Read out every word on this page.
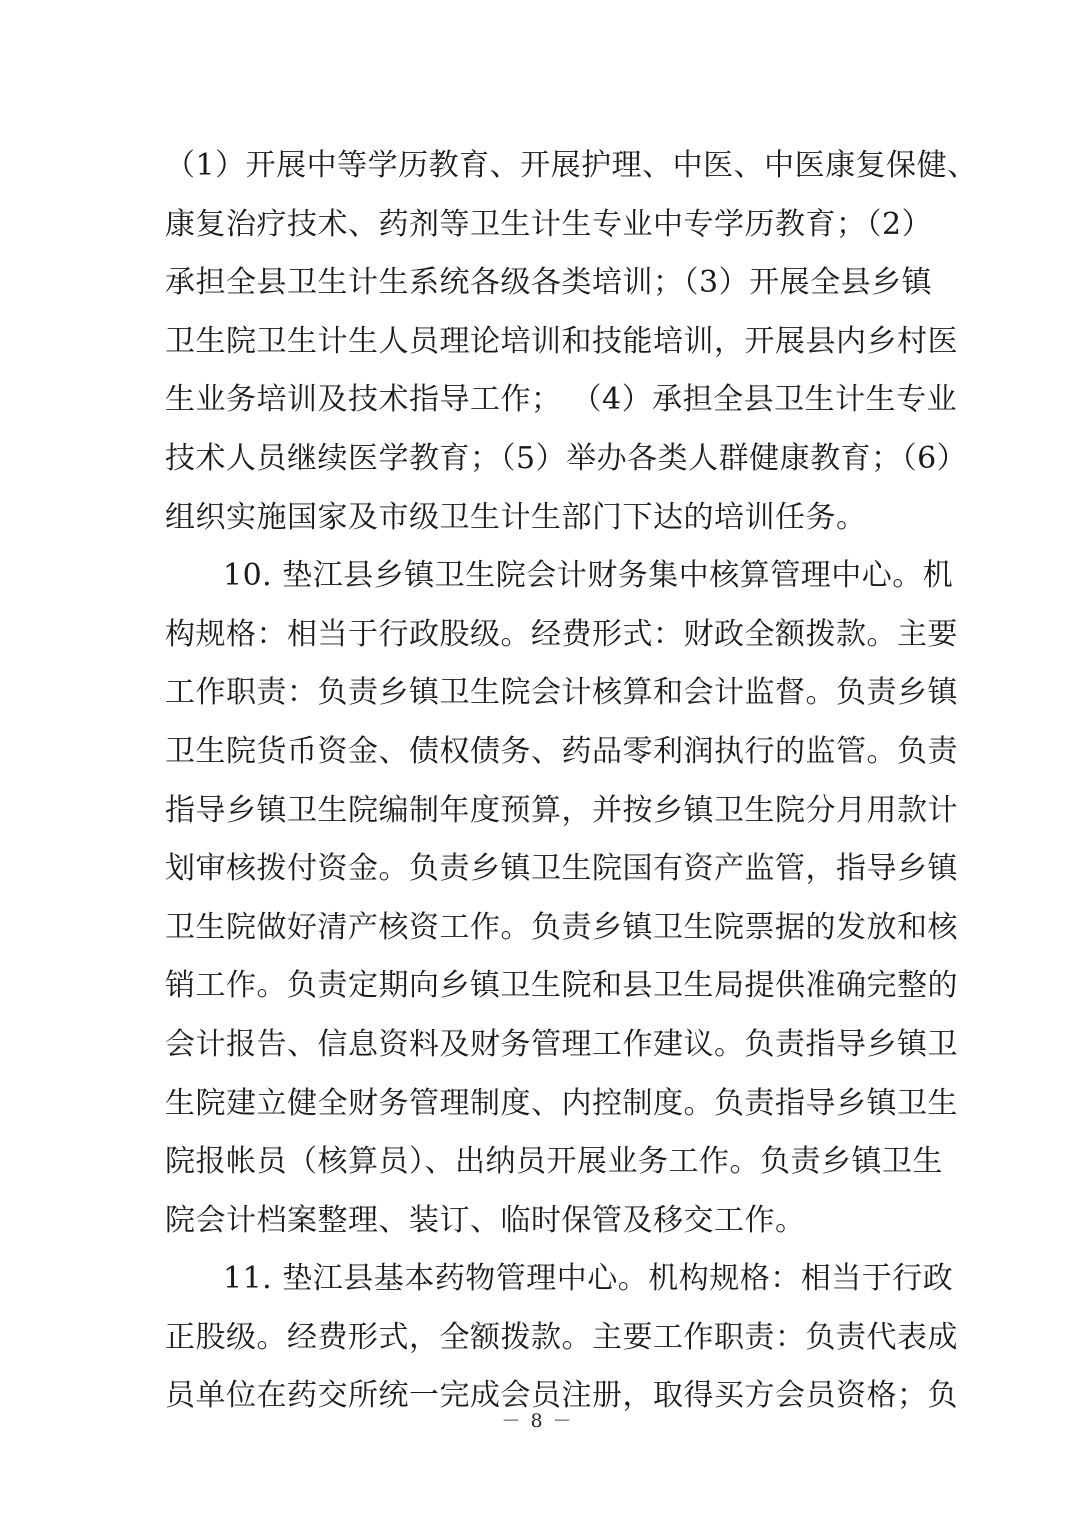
（1）开展中等学历教育、开展护理、中医、中医康复保健、
康复治疗技术、药剂等卫生计生专业中专学历教育；（2）
承担全县卫生计生系统各级各类培训；（3）开展全县乡镇
卫生院卫生计生人员理论培训和技能培训，开展县内乡村医
生业务培训及技术指导工作； （4）承担全县卫生计生专业
技术人员继续医学教育；（5）举办各类人群健康教育；（6）
组织实施国家及市级卫生计生部门下达的培训任务。
10. 垫江县乡镇卫生院会计财务集中核算管理中心。机
构规格：相当于行政股级。经费形式：财政全额拨款。主要
工作职责：负责乡镇卫生院会计核算和会计监督。负责乡镇
卫生院货币资金、债权债务、药品零利润执行的监管。负责
指导乡镇卫生院编制年度预算，并按乡镇卫生院分月用款计
划审核拨付资金。负责乡镇卫生院国有资产监管，指导乡镇
卫生院做好清产核资工作。负责乡镇卫生院票据的发放和核
销工作。负责定期向乡镇卫生院和县卫生局提供准确完整的
会计报告、信息资料及财务管理工作建议。负责指导乡镇卫
生院建立健全财务管理制度、内控制度。负责指导乡镇卫生
院报帐员（核算员）、出纳员开展业务工作。负责乡镇卫生
院会计档案整理、装订、临时保管及移交工作。
11. 垫江县基本药物管理中心。机构规格：相当于行政
正股级。经费形式，全额拨款。主要工作职责：负责代表成
员单位在药交所统一完成会员注册，取得买方会员资格；负
－ 8 －
